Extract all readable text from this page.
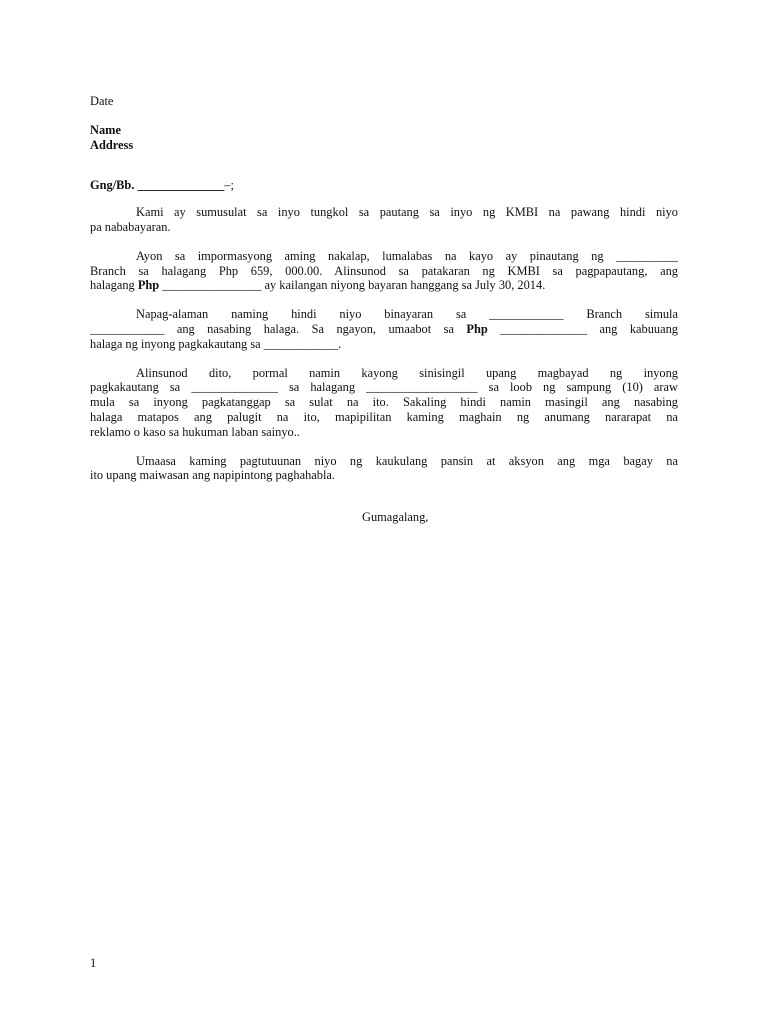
Date
Name
Address
Gng/Bb. ______________–;
Kami ay sumusulat sa inyo tungkol sa pautang sa inyo ng KMBI na pawang hindi niyo
pa nababayaran.
Ayon sa impormasyong aming nakalap, lumalabas na kayo ay pinautang ng __________
Branch sa halagang Php 659, 000.00. Alinsunod sa patakaran ng KMBI sa pagpapautang, ang
halagang Php ________________ ay kailangan niyong bayaran hanggang sa July 30, 2014.
Napag-alaman naming hindi niyo binayaran sa ____________ Branch simula
____________ ang nasabing halaga. Sa ngayon, umaabot sa Php ______________ ang kabuuang
halaga ng inyong pagkakautang sa ____________.
Alinsunod dito, pormal namin kayong sinisingil upang magbayad ng inyong
pagkakautang sa ______________ sa halagang __________________ sa loob ng sampung (10) araw
mula sa inyong pagkatanggap sa sulat na ito. Sakaling hindi namin masingil ang nasabing
halaga matapos ang palugit na ito, mapipilitan kaming maghain ng anumang nararapat na
reklamo o kaso sa hukuman laban sainyo..
Umaasa kaming pagtutuunan niyo ng kaukulang pansin at aksyon ang mga bagay na
ito upang maiwasan ang napipintong paghahabla.
Gumagalang,
1
